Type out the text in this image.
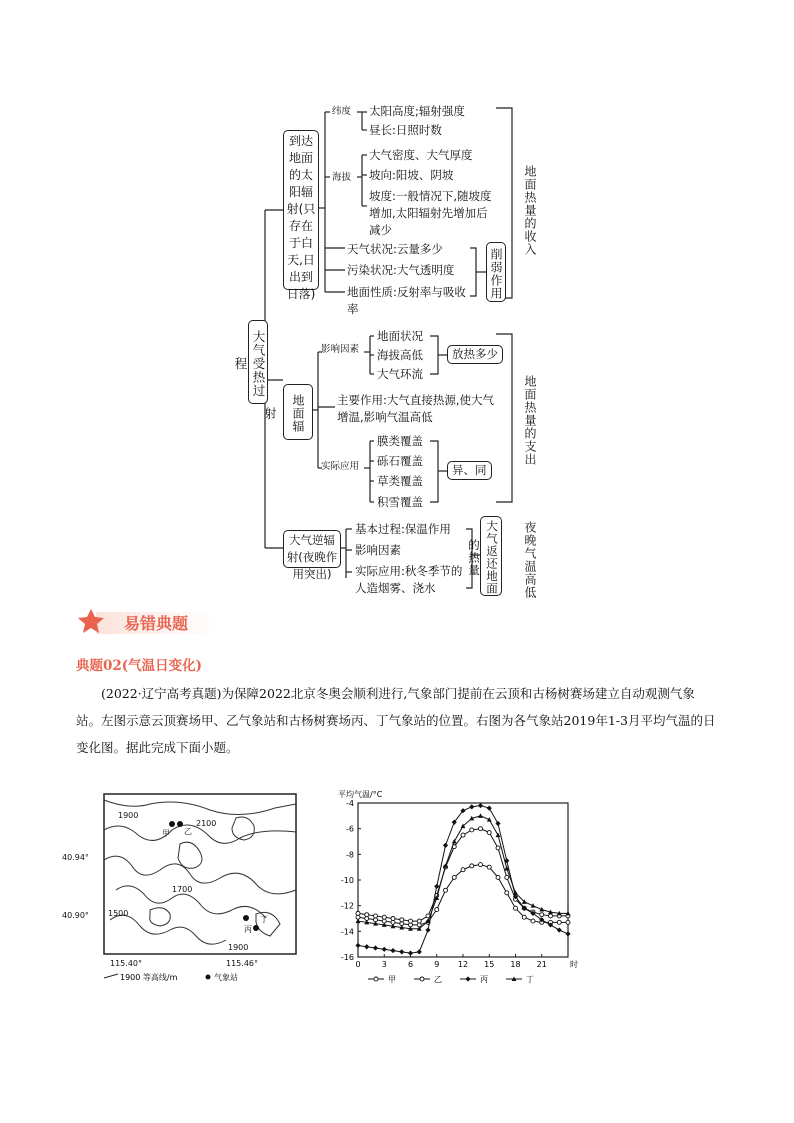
大气受热过程
到达地面的太阳辐射(只存在于白天,日出到日落)
纬度 太阳高度;辐射强度
昼长:日照时数
海拔
大气密度、大气厚度
坡向:阳坡、阴坡
坡度:一般情况下,随坡度增加,太阳辐射先增加后减少
天气状况:云量多少
污染状况:大气透明度
地面性质:反射率与吸收率
削弱作用
地面热量的收入
地面辐射
影响因素
地面状况
海拔高低
大气环流
放热多少
主要作用:大气直接热源,使大气增温,影响气温高低
实际应用
膜类覆盖
砾石覆盖
草类覆盖
积雪覆盖
异、同
地面热量的支出
大气逆辐射(夜晚作用突出)
基本过程:保温作用
影响因素
实际应用:秋冬季节的人造烟雾、浇水	大气返还地面的热量	夜晚气温高低
易错典题
典题02(气温日变化)
(2022·辽宁高考真题)为保障2022北京冬奥会顺利进行,气象部门提前在云顶和古杨树赛场建立自动观测气象站。左图示意云顶赛场甲、乙气象站和古杨树赛场丙、丁气象站的位置。右图为各气象站2019年1-3月平均气温的日变化图。据此完成下面小题。
1900
2100
1700
1500
1900
甲 乙
丙
丁
40.94°
40.90°
115.40°	115.46°
1900 等高线/m	气象站
平均气温/°C
-4
-6
-8
-10
-12
-14
-16
0	3	6	9 12 15 18 21	时
甲	乙	丙	丁
